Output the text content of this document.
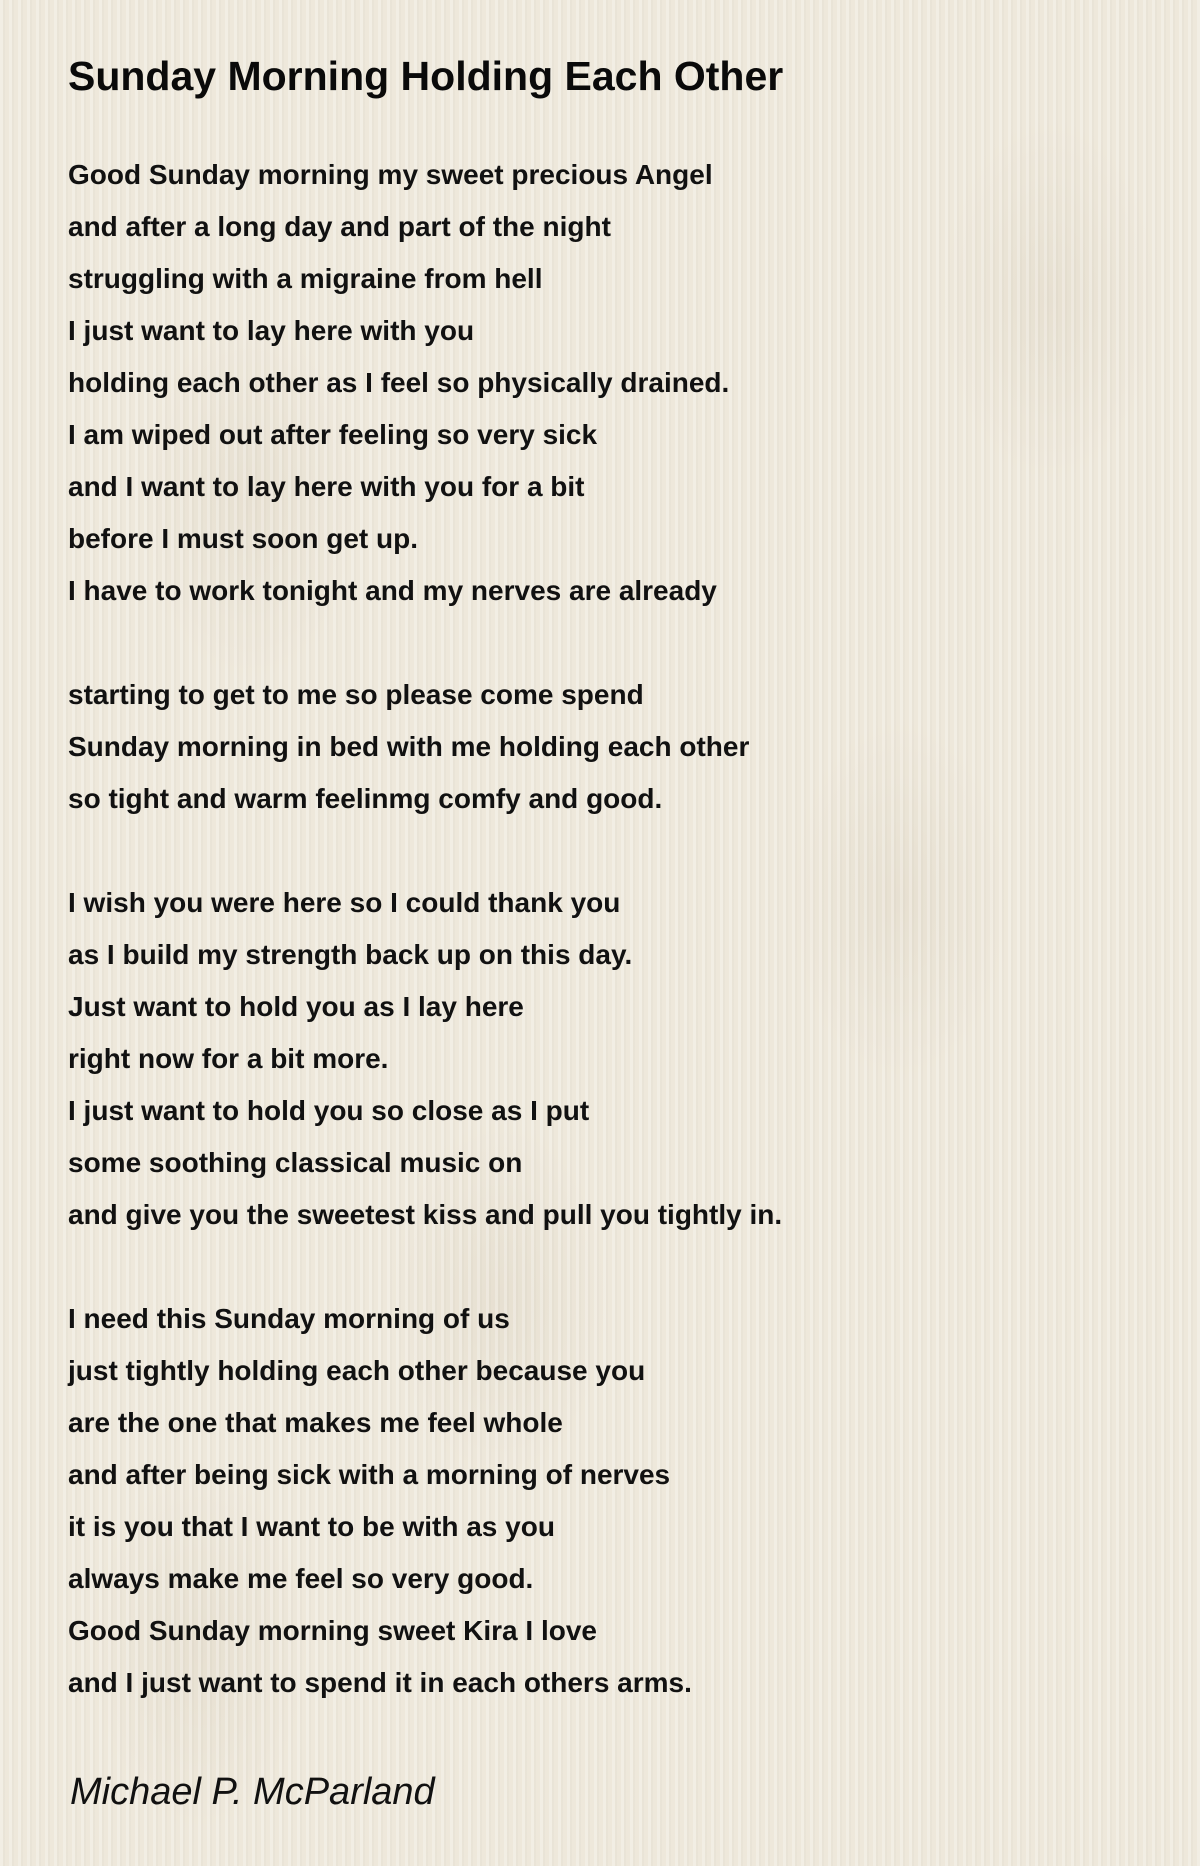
Sunday Morning Holding Each Other
Good Sunday morning my sweet precious Angel
and after a long day and part of the night
struggling with a migraine from hell
I just want to lay here with you
holding each other as I feel so physically drained.
I am wiped out after feeling so very sick
and I want to lay here with you for a bit
before I must soon get up.
I have to work tonight and my nerves are already
starting to get to me so please come spend
Sunday morning in bed with me holding each other
so tight and warm feelinmg comfy and good.
I wish you were here so I could thank you
as I build my strength back up on this day.
Just want to hold you as I lay here
right now for a bit more.
I just want to hold you so close as I put
some soothing classical music on
and give you the sweetest kiss and pull you tightly in.
I need this Sunday morning of us
just tightly holding each other because you
are the one that makes me feel whole
and after being sick with a morning of nerves
it is you that I want to be with as you
always make me feel so very good.
Good Sunday morning sweet Kira I love
and I just want to spend it in each others arms.
Michael P. McParland
